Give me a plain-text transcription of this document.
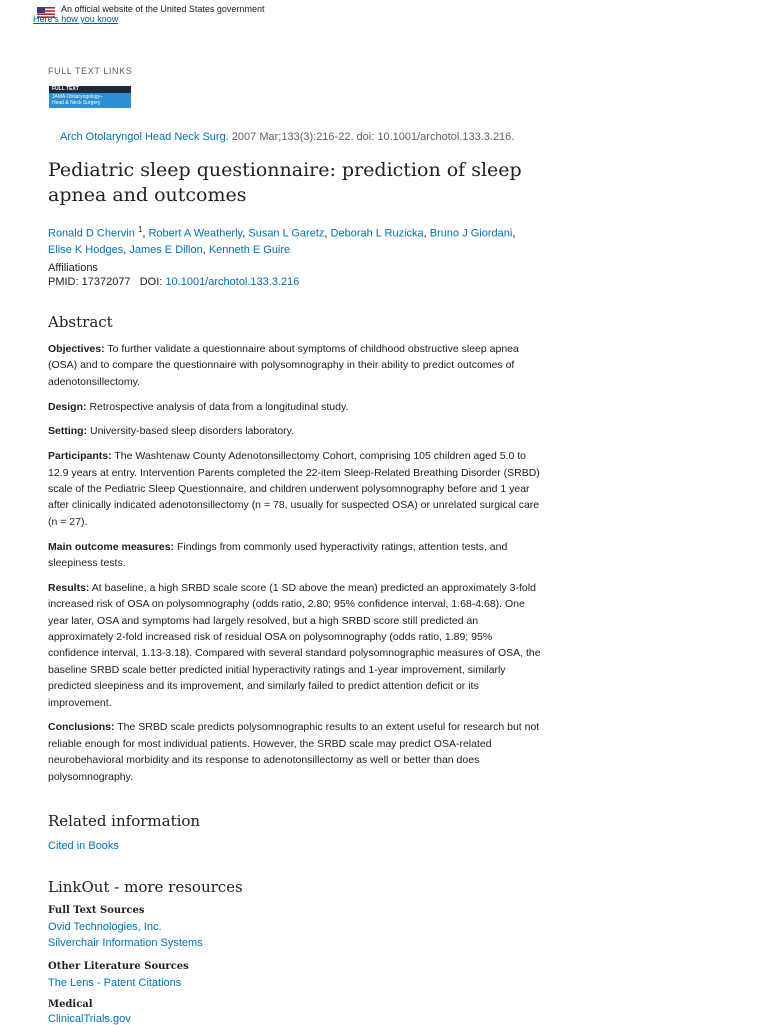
An official website of the United States government
Here's how you know
FULL TEXT LINKS
FULL TEXT
JAMA Otolaryngology–
Head & Neck Surgery
Arch Otolaryngol Head Neck Surg. 2007 Mar;133(3):216-22. doi: 10.1001/archotol.133.3.216.
Pediatric sleep questionnaire: prediction of sleep apnea and outcomes
Ronald D Chervin $^1$, Robert A Weatherly, Susan L Garetz, Deborah L Ruzicka, Bruno J Giordani,
Elise K Hodges, James E Dillon, Kenneth E Guire
Affiliations
PMID: 17372077 DOI: 10.1001/archotol.133.3.216
Abstract

Objectives: To further validate a questionnaire about symptoms of childhood obstructive sleep apnea (OSA) and to compare the questionnaire with polysomnography in their ability to predict outcomes of adenotonsillectomy.

Design: Retrospective analysis of data from a longitudinal study.

Setting: University-based sleep disorders laboratory.

Participants: The Washtenaw County Adenotonsillectomy Cohort, comprising 105 children aged 5.0 to 12.9 years at entry. Intervention Parents completed the 22-item Sleep-Related Breathing Disorder (SRBD) scale of the Pediatric Sleep Questionnaire, and children underwent polysomnography before and 1 year after clinically indicated adenotonsillectomy (n = 78, usually for suspected OSA) or unrelated surgical care (n = 27).

Main outcome measures: Findings from commonly used hyperactivity ratings, attention tests, and sleepiness tests.

Results: At baseline, a high SRBD scale score (1 SD above the mean) predicted an approximately 3-fold increased risk of OSA on polysomnography (odds ratio, 2.80; 95% confidence interval, 1.68-4.68). One year later, OSA and symptoms had largely resolved, but a high SRBD score still predicted an approximately 2-fold increased risk of residual OSA on polysomnography (odds ratio, 1.89; 95% confidence interval, 1.13-3.18). Compared with several standard polysomnographic measures of OSA, the baseline SRBD scale better predicted initial hyperactivity ratings and 1-year improvement, similarly predicted sleepiness and its improvement, and similarly failed to predict attention deficit or its improvement.

Conclusions: The SRBD scale predicts polysomnographic results to an extent useful for research but not reliable enough for most individual patients. However, the SRBD scale may predict OSA-related neurobehavioral morbidity and its response to adenotonsillectomy as well or better than does polysomnography.

Related information
Cited in Books
LinkOut - more resources
Full Text Sources
Ovid Technologies, Inc.
Silverchair Information Systems
Other Literature Sources
The Lens - Patent Citations
Medical
ClinicalTrials.gov
